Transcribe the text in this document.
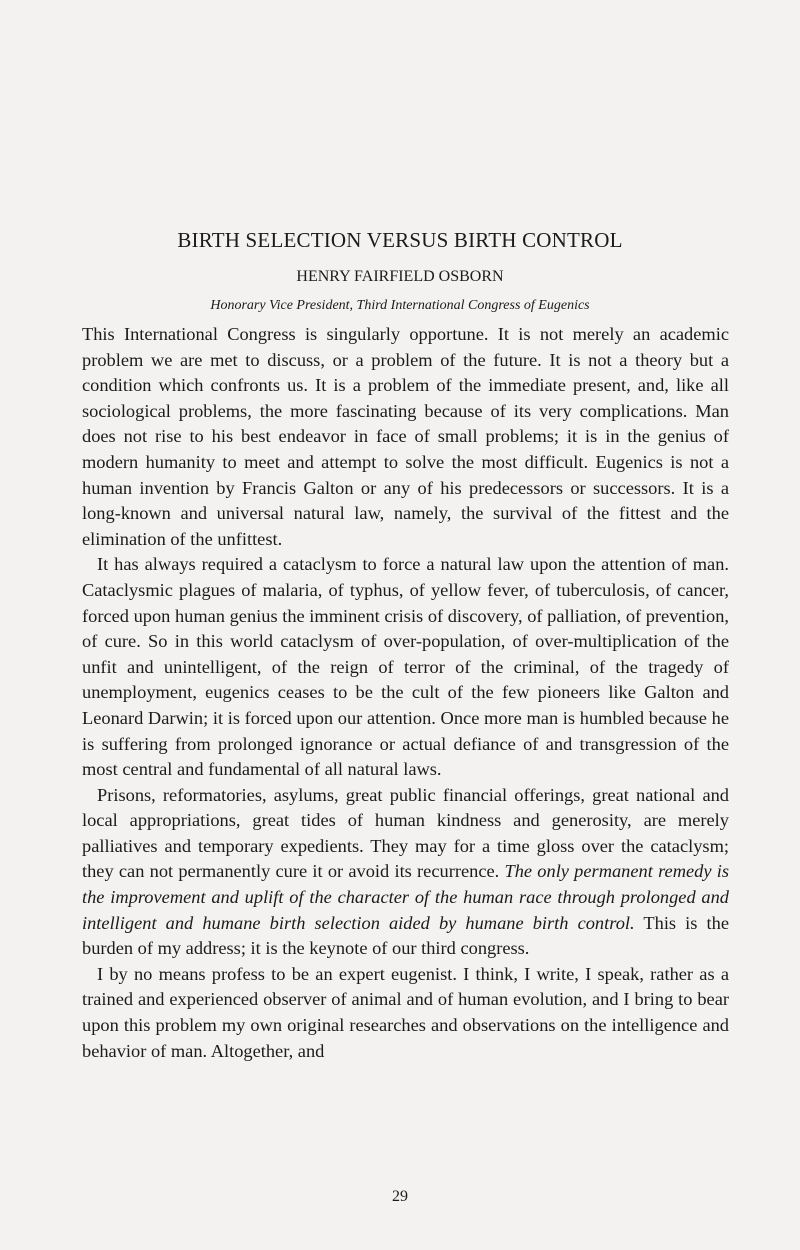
BIRTH SELECTION VERSUS BIRTH CONTROL
HENRY FAIRFIELD OSBORN
Honorary Vice President, Third International Congress of Eugenics

This International Congress is singularly opportune. It is not merely an academic problem we are met to discuss, or a problem of the future. It is not a theory but a condition which confronts us. It is a problem of the immediate present, and, like all sociological problems, the more fascinating because of its very complications. Man does not rise to his best endeavor in face of small problems; it is in the genius of modern humanity to meet and attempt to solve the most difficult. Eugenics is not a human invention by Francis Galton or any of his predecessors or successors. It is a long-known and universal natural law, namely, the survival of the fittest and the elimination of the unfittest.

It has always required a cataclysm to force a natural law upon the attention of man. Cataclysmic plagues of malaria, of typhus, of yellow fever, of tuberculosis, of cancer, forced upon human genius the imminent crisis of discovery, of palliation, of prevention, of cure. So in this world cataclysm of over-population, of over-multiplication of the unfit and unintelligent, of the reign of terror of the criminal, of the tragedy of unemployment, eugenics ceases to be the cult of the few pioneers like Galton and Leonard Darwin; it is forced upon our attention. Once more man is humbled because he is suffering from prolonged ignorance or actual defiance of and transgression of the most central and fundamental of all natural laws.

Prisons, reformatories, asylums, great public financial offerings, great national and local appropriations, great tides of human kindness and generosity, are merely palliatives and temporary expedients. They may for a time gloss over the cataclysm; they can not permanently cure it or avoid its recurrence. The only permanent remedy is the improvement and uplift of the character of the human race through prolonged and intelligent and humane birth selection aided by humane birth control. This is the burden of my address; it is the keynote of our third congress.

I by no means profess to be an expert eugenist. I think, I write, I speak, rather as a trained and experienced observer of animal and of human evolution, and I bring to bear upon this problem my own original researches and observations on the intelligence and behavior of man. Altogether, and

29
